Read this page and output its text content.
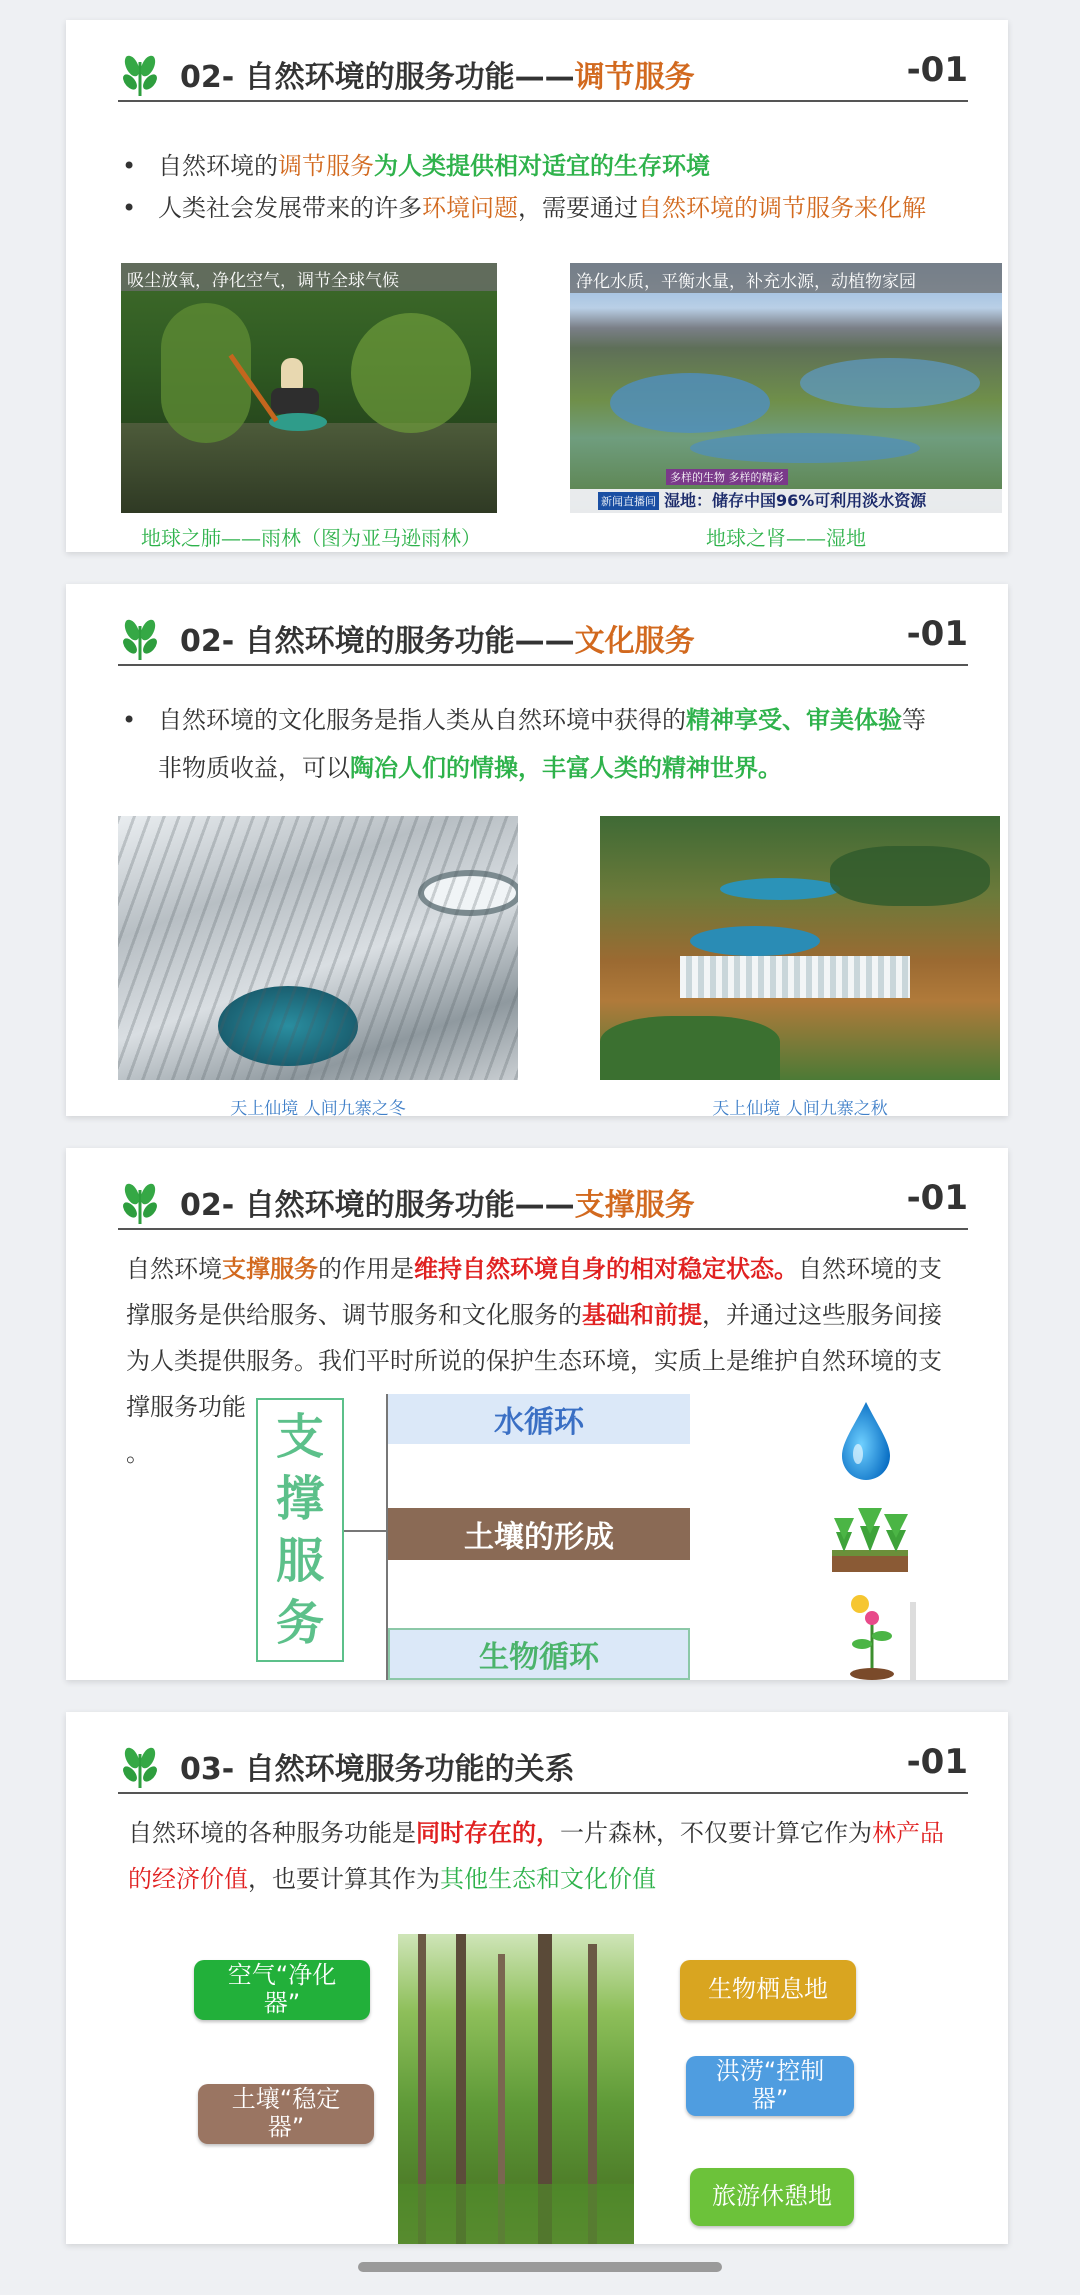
02- 自然环境的服务功能——调节服务	-01
• 自然环境的调节服务为人类提供相对适宜的生存环境
• 人类社会发展带来的许多环境问题，需要通过自然环境的调节服务来化解
吸尘放氧，净化空气，调节全球气候	净化水质，平衡水量，补充水源，动植物家园
多样的生物 多样的精彩
新闻直播间 湿地：储存中国96%可利用淡水资源
地球之肺——雨林（图为亚马逊雨林）	地球之肾——湿地
02- 自然环境的服务功能——文化服务	-01
• 自然环境的文化服务是指人类从自然环境中获得的精神享受、审美体验等
非物质收益，可以陶冶人们的情操，丰富人类的精神世界。
天上仙境 人间九寨之冬	天上仙境 人间九寨之秋
02- 自然环境的服务功能——支撑服务	-01
自然环境支撑服务的作用是维持自然环境自身的相对稳定状态。自然环境的支撑服务是供给服务、调节服务和文化服务的基础和前提，并通过这些服务间接为人类提供服务。我们平时所说的保护生态环境，实质上是维护自然环境的支撑服务功能
。	支
撑
服
务
水循环
土壤的形成
生物循环
03- 自然环境服务功能的关系	-01
自然环境的各种服务功能是同时存在的，一片森林，不仅要计算它作为林产品
的经济价值，也要计算其作为其他生态和文化价值
空气“净化器”
土壤“稳定器”
生物栖息地
洪涝“控制器”
旅游休憩地
